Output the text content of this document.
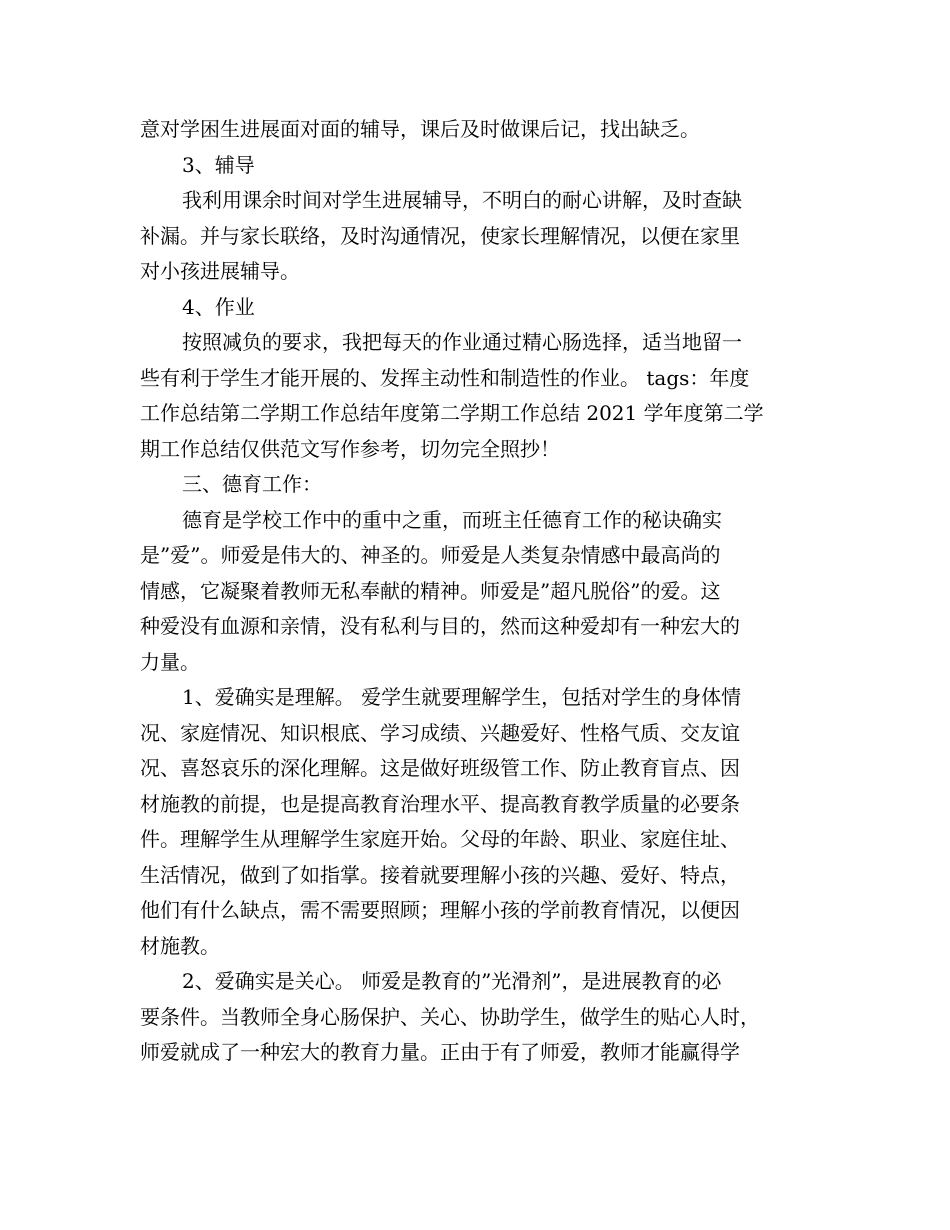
意对学困生进展面对面的辅导，课后及时做课后记，找出缺乏。
3、辅导
我利用课余时间对学生进展辅导，不明白的耐心讲解，及时查缺
补漏。并与家长联络，及时沟通情况，使家长理解情况，以便在家里
对小孩进展辅导。
4、作业
按照减负的要求，我把每天的作业通过精心肠选择，适当地留一
些有利于学生才能开展的、发挥主动性和制造性的作业。 tags：年度
工作总结第二学期工作总结年度第二学期工作总结 2021 学年度第二学
期工作总结仅供范文写作参考，切勿完全照抄！
三、德育工作：
德育是学校工作中的重中之重，而班主任德育工作的秘诀确实
是”爱”。师爱是伟大的、神圣的。师爱是人类复杂情感中最高尚的
情感，它凝聚着教师无私奉献的精神。师爱是”超凡脱俗”的爱。这
种爱没有血源和亲情，没有私利与目的，然而这种爱却有一种宏大的
力量。
1、爱确实是理解。 爱学生就要理解学生，包括对学生的身体情
况、家庭情况、知识根底、学习成绩、兴趣爱好、性格气质、交友谊
况、喜怒哀乐的深化理解。这是做好班级管工作、防止教育盲点、因
材施教的前提，也是提高教育治理水平、提高教育教学质量的必要条
件。理解学生从理解学生家庭开始。父母的年龄、职业、家庭住址、
生活情况，做到了如指掌。接着就要理解小孩的兴趣、爱好、特点，
他们有什么缺点，需不需要照顾；理解小孩的学前教育情况，以便因
材施教。
2、爱确实是关心。 师爱是教育的”光滑剂”，是进展教育的必
要条件。当教师全身心肠保护、关心、协助学生，做学生的贴心人时，
师爱就成了一种宏大的教育力量。正由于有了师爱，教师才能赢得学
